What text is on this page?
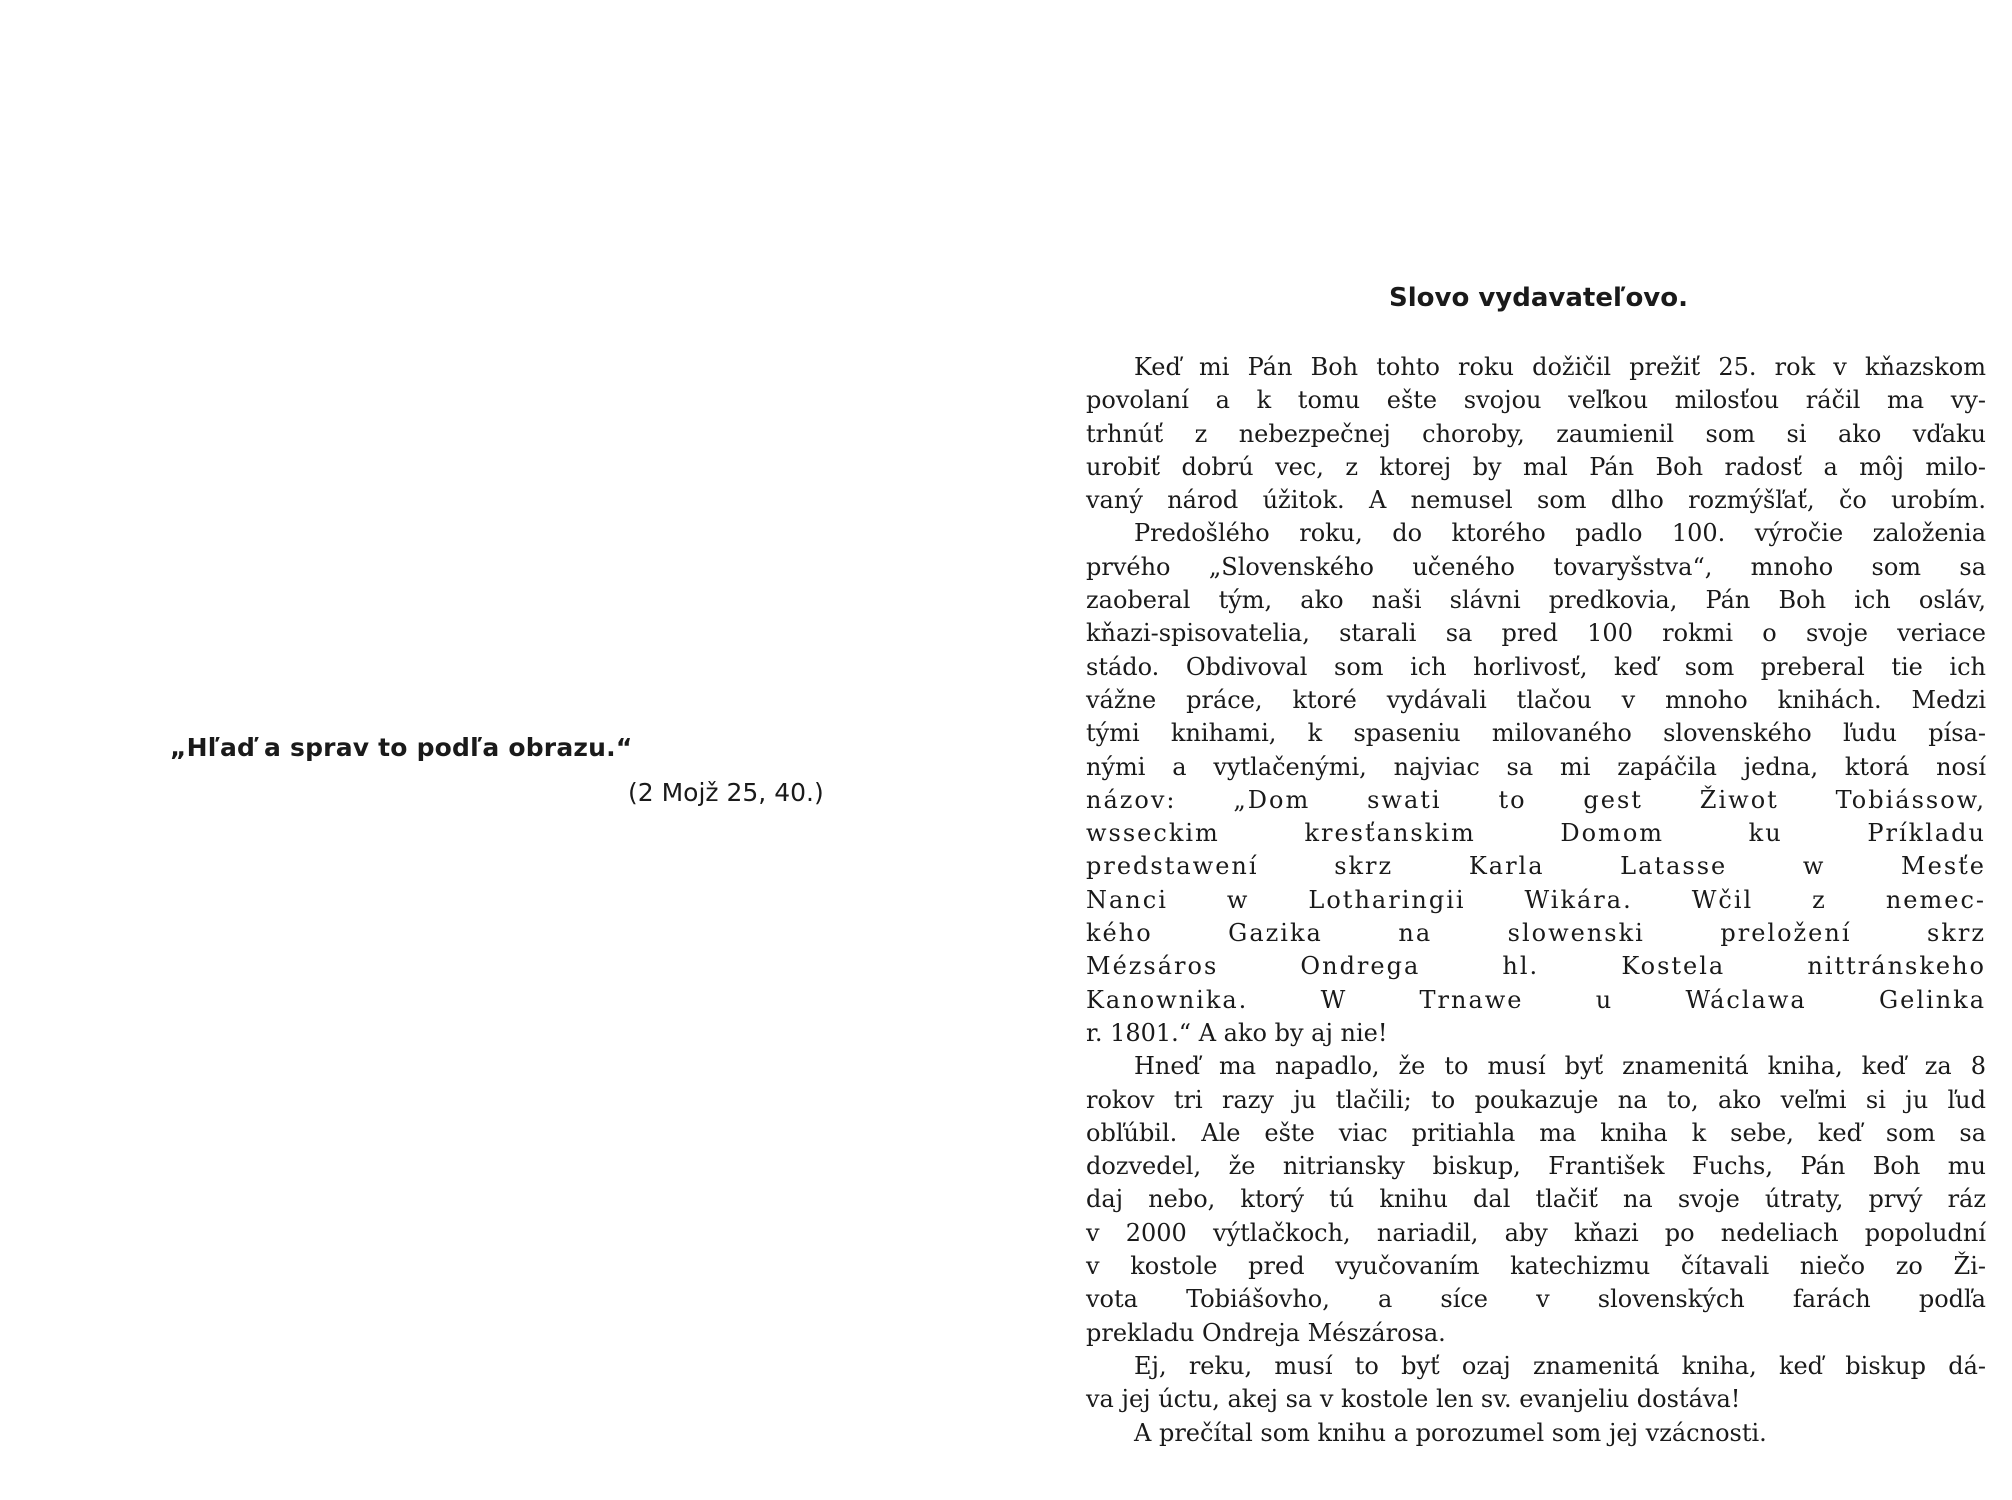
„Hľaď a sprav to podľa obrazu.“

(2 Mojž 25, 40.)

Slovo vydavateľovo.
Keď mi Pán Boh tohto roku dožičil prežiť 25. rok v kňazskom
povolaní a k tomu ešte svojou veľkou milosťou ráčil ma vy-
trhnúť z nebezpečnej choroby, zaumienil som si ako vďaku
urobiť dobrú vec, z ktorej by mal Pán Boh radosť a môj milo-
vaný národ úžitok. A nemusel som dlho rozmýšľať, čo urobím.
Predošlého roku, do ktorého padlo 100. výročie založenia
prvého „Slovenského učeného tovaryšstva“, mnoho som sa
zaoberal tým, ako naši slávni predkovia, Pán Boh ich osláv,
kňazi-spisovatelia, starali sa pred 100 rokmi o svoje veriace
stádo. Obdivoval som ich horlivosť, keď som preberal tie ich
vážne práce, ktoré vydávali tlačou v mnoho knihách. Medzi
tými knihami, k spaseniu milovaného slovenského ľudu písa-
nými a vytlačenými, najviac sa mi zapáčila jedna, ktorá nosí
názov: „Dom swati to gest Žiwot Tobiássow,
wsseckim kresťanskim Domom ku Príkladu
predstawení skrz Karla Latasse w Mesťe
Nanci w Lotharingii Wikára. Wčil z nemec-
kého Gazika na slowenski preložení skrz
Mézsáros Ondrega hl. Kostela nittránskeho
Kanownika. W Trnawe u Wáclawa Gelinka
r. 1801.“ A ako by aj nie!
Hneď ma napadlo, že to musí byť znamenitá kniha, keď za 8
rokov tri razy ju tlačili; to poukazuje na to, ako veľmi si ju ľud
obľúbil. Ale ešte viac pritiahla ma kniha k sebe, keď som sa
dozvedel, že nitriansky biskup, František Fuchs, Pán Boh mu
daj nebo, ktorý tú knihu dal tlačiť na svoje útraty, prvý ráz
v 2000 výtlačkoch, nariadil, aby kňazi po nedeliach popoludní
v kostole pred vyučovaním katechizmu čítavali niečo zo Ži-
vota Tobiášovho, a síce v slovenských farách podľa
prekladu Ondreja Mészárosa.
Ej, reku, musí to byť ozaj znamenitá kniha, keď biskup dá-
va jej úctu, akej sa v kostole len sv. evanjeliu dostáva!
A prečítal som knihu a porozumel som jej vzácnosti.
